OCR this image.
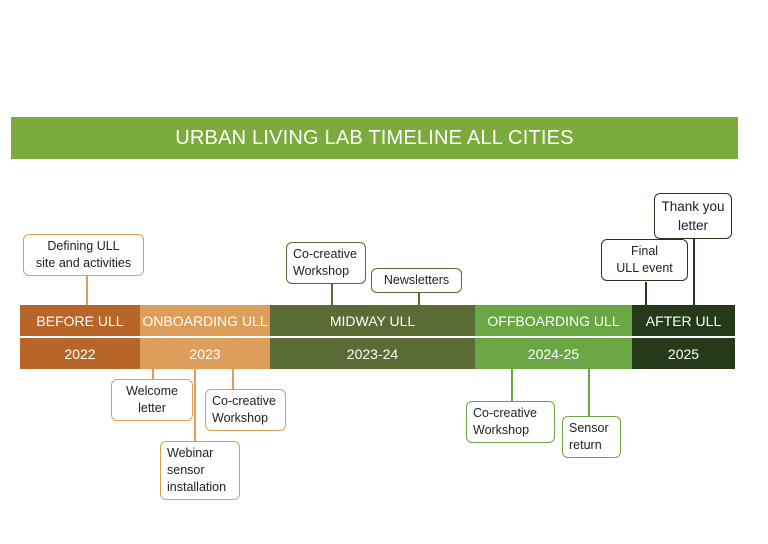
URBAN LIVING LAB TIMELINE ALL CITIES
BEFORE ULL	ONBOARDING ULL	MIDWAY ULL	OFFBOARDING ULL	AFTER ULL
2022	2023	2023-24	2024-25	2025
Defining ULL
site and activities
Welcome
letter
Webinar
sensor
installation
Co-creative
Workshop
Co-creative
Workshop
Newsletters
Co-creative
Workshop	Sensor
return
Final
ULL event
Thank you
letter
